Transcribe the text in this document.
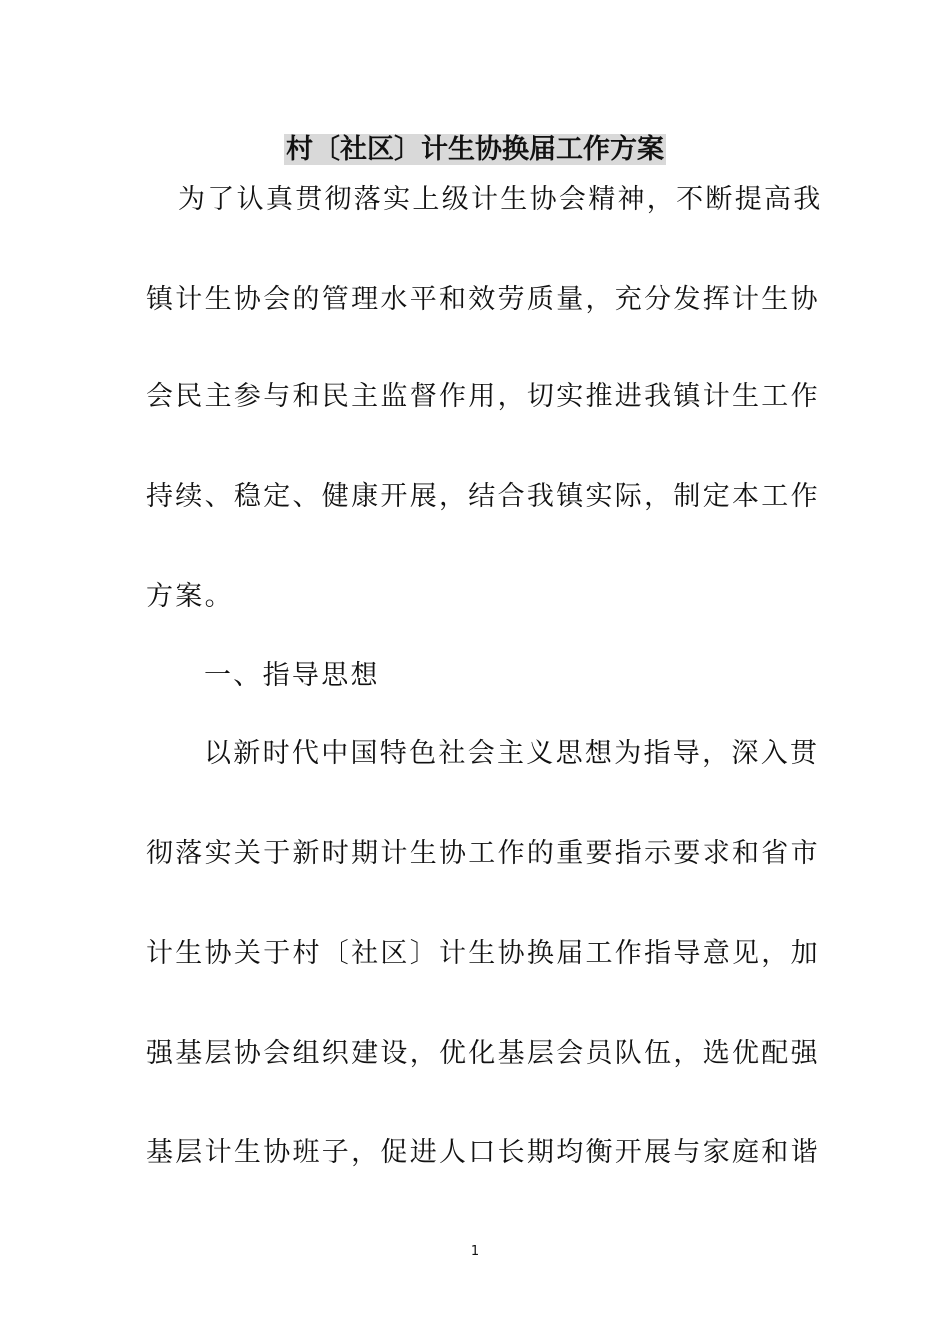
村〔社区〕计生协换届工作方案
为了认真贯彻落实上级计生协会精神，不断提高我
镇计生协会的管理水平和效劳质量，充分发挥计生协
会民主参与和民主监督作用，切实推进我镇计生工作
持续、稳定、健康开展，结合我镇实际，制定本工作
方案。
一、指导思想
以新时代中国特色社会主义思想为指导，深入贯
彻落实关于新时期计生协工作的重要指示要求和省市
计生协关于村〔社区〕计生协换届工作指导意见，加
强基层协会组织建设，优化基层会员队伍，选优配强
基层计生协班子，促进人口长期均衡开展与家庭和谐
1
